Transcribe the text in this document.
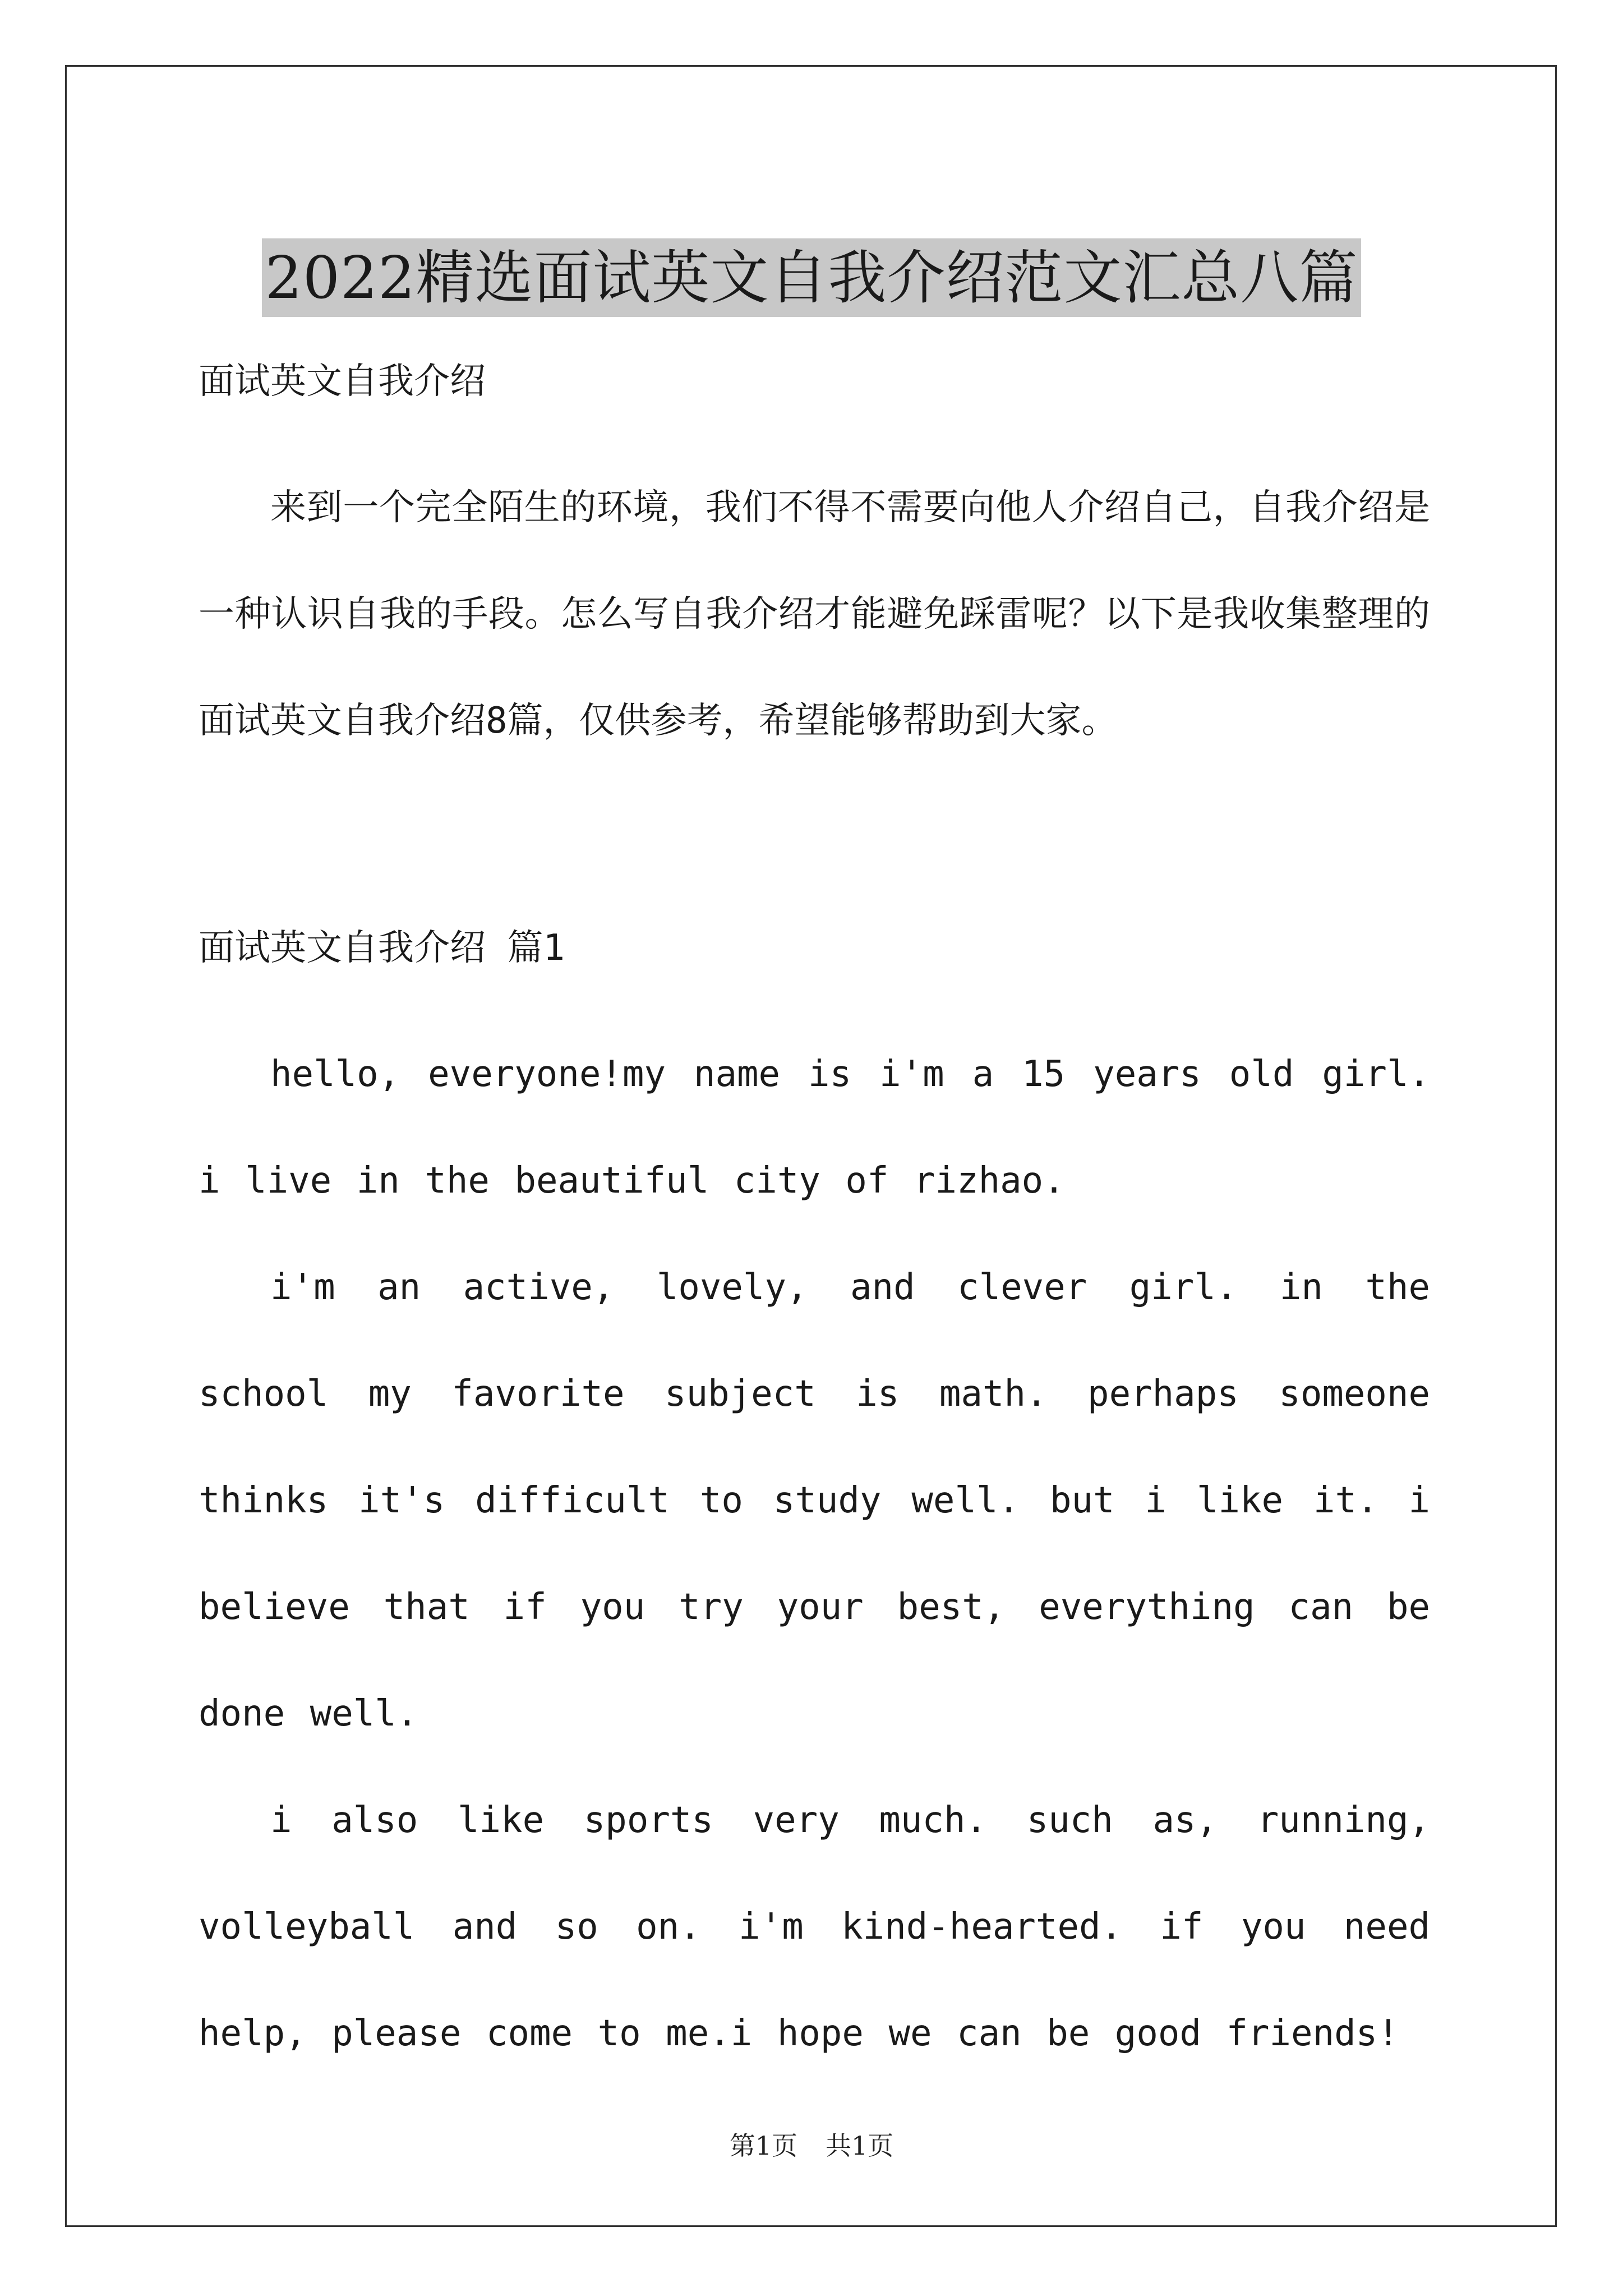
2022精选面试英文自我介绍范文汇总八篇

面试英文自我介绍

来到一个完全陌生的环境，我们不得不需要向他人介绍自己，自我介绍是一种认识自我的手段。怎么写自我介绍才能避免踩雷呢？以下是我收集整理的面试英文自我介绍8篇，仅供参考，希望能够帮助到大家。

面试英文自我介绍 篇1

hello, everyone!my name is i'm a 15 years old girl. i live in the beautiful city of rizhao.

i'm an active, lovely, and clever girl. in the school my favorite subject is math. perhaps someone thinks it's difficult to study well. but i like it. i believe that if you try your best, everything can be done well.

i also like sports very much. such as, running, volleyball and so on. i'm kind-hearted. if you need help, please come to me.i hope we can be good friends!

第1页 共1页
